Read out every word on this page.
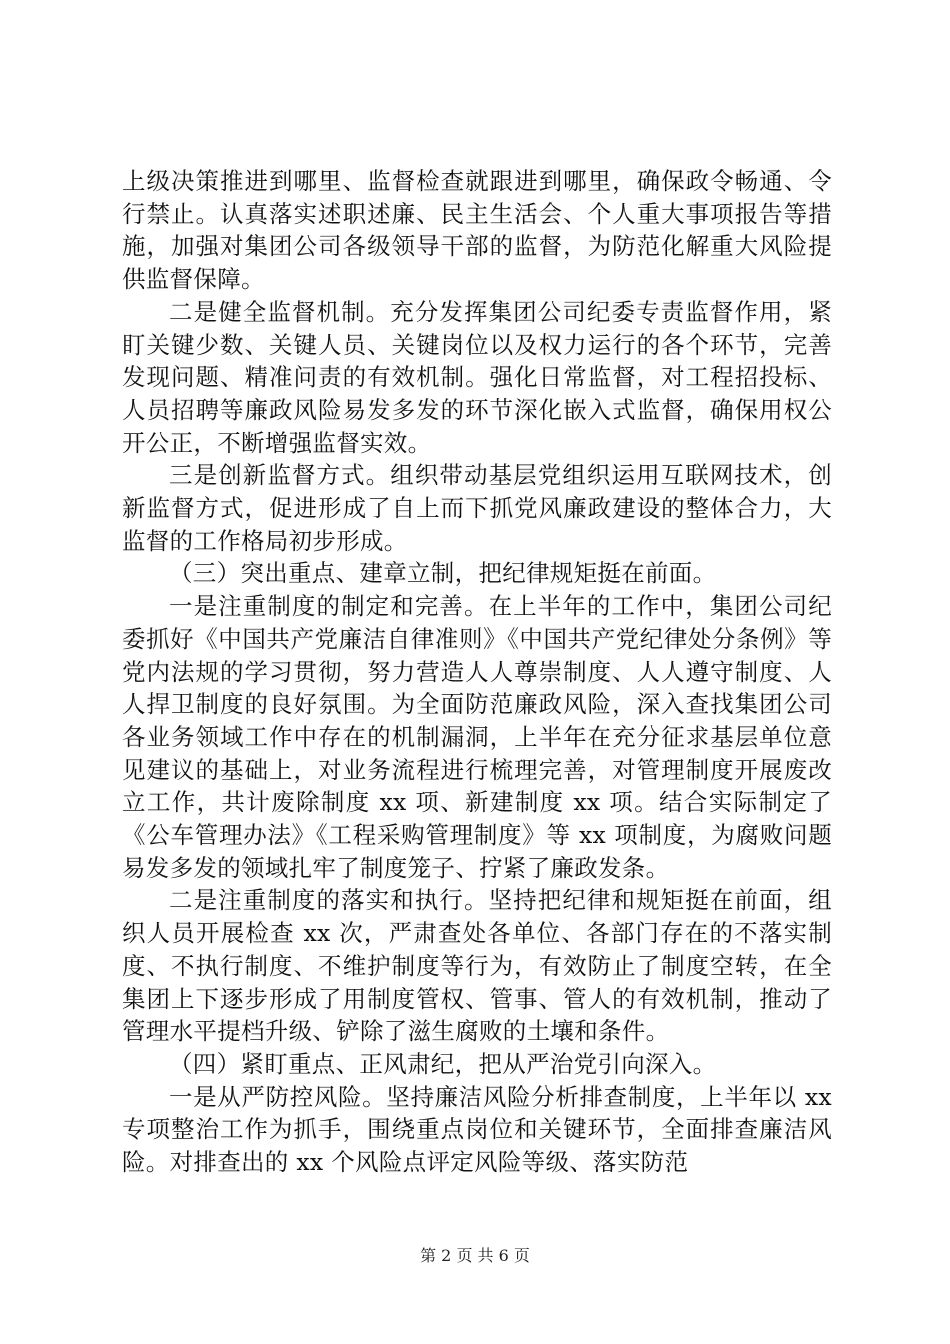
上级决策推进到哪里、监督检查就跟进到哪里，确保政令畅通、令行禁止。认真落实述职述廉、民主生活会、个人重大事项报告等措施，加强对集团公司各级领导干部的监督，为防范化解重大风险提供监督保障。

二是健全监督机制。充分发挥集团公司纪委专责监督作用，紧盯关键少数、关键人员、关键岗位以及权力运行的各个环节，完善发现问题、精准问责的有效机制。强化日常监督，对工程招投标、人员招聘等廉政风险易发多发的环节深化嵌入式监督，确保用权公开公正，不断增强监督实效。

三是创新监督方式。组织带动基层党组织运用互联网技术，创新监督方式，促进形成了自上而下抓党风廉政建设的整体合力，大监督的工作格局初步形成。

（三）突出重点、建章立制，把纪律规矩挺在前面。

一是注重制度的制定和完善。在上半年的工作中，集团公司纪委抓好《中国共产党廉洁自律准则》《中国共产党纪律处分条例》等党内法规的学习贯彻，努力营造人人尊崇制度、人人遵守制度、人人捍卫制度的良好氛围。为全面防范廉政风险，深入查找集团公司各业务领域工作中存在的机制漏洞，上半年在充分征求基层单位意见建议的基础上，对业务流程进行梳理完善，对管理制度开展废改立工作，共计废除制度 xx 项、新建制度 xx 项。结合实际制定了《公车管理办法》《工程采购管理制度》等 xx 项制度，为腐败问题易发多发的领域扎牢了制度笼子、拧紧了廉政发条。

二是注重制度的落实和执行。坚持把纪律和规矩挺在前面，组织人员开展检查 xx 次，严肃查处各单位、各部门存在的不落实制度、不执行制度、不维护制度等行为，有效防止了制度空转，在全集团上下逐步形成了用制度管权、管事、管人的有效机制，推动了管理水平提档升级、铲除了滋生腐败的土壤和条件。

（四）紧盯重点、正风肃纪，把从严治党引向深入。

一是从严防控风险。坚持廉洁风险分析排查制度，上半年以 xx 专项整治工作为抓手，围绕重点岗位和关键环节，全面排查廉洁风险。对排查出的 xx 个风险点评定风险等级、落实防范

第 2 页 共 6 页
